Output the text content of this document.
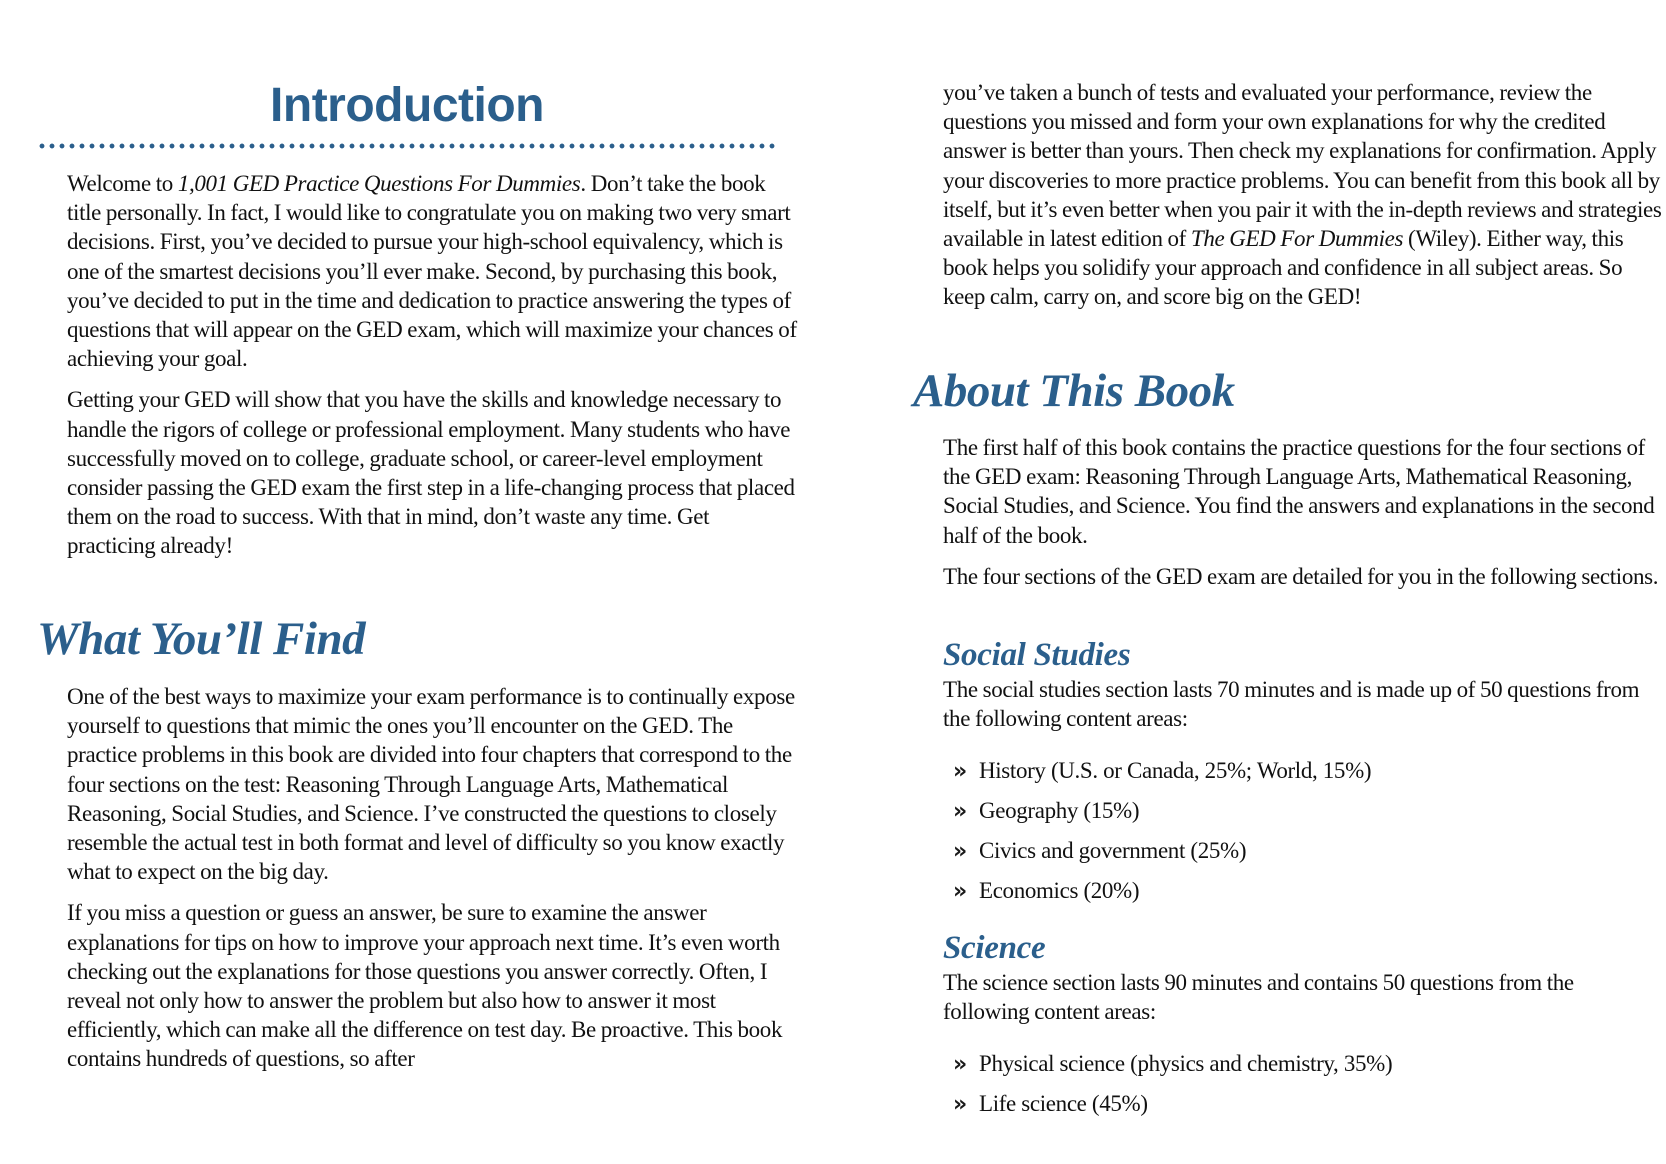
Introduction

Welcome to 1,001 GED Practice Questions For Dummies. Don’t take the book title personally. In fact, I would like to congratulate you on making two very smart decisions. First, you’ve decided to pursue your high-school equivalency, which is one of the smartest decisions you’ll ever make. Second, by purchasing this book, you’ve decided to put in the time and dedication to practice answering the types of questions that will appear on the GED exam, which will maximize your chances of achieving your goal.

Getting your GED will show that you have the skills and knowledge necessary to handle the rigors of college or professional employment. Many students who have successfully moved on to college, graduate school, or career-level employment consider passing the GED exam the first step in a life-changing process that placed them on the road to success. With that in mind, don’t waste any time. Get practicing already!

What You’ll Find

One of the best ways to maximize your exam performance is to continually expose yourself to questions that mimic the ones you’ll encounter on the GED. The practice problems in this book are divided into four chapters that correspond to the four sections on the test: Reasoning Through Language Arts, Mathematical Reasoning, Social Studies, and Science. I’ve constructed the questions to closely resemble the actual test in both format and level of difficulty so you know exactly what to expect on the big day.

If you miss a question or guess an answer, be sure to examine the answer explanations for tips on how to improve your approach next time. It’s even worth checking out the explanations for those questions you answer correctly. Often, I reveal not only how to answer the problem but also how to answer it most efficiently, which can make all the difference on test day. Be proactive. This book contains hundreds of questions, so after

you’ve taken a bunch of tests and evaluated your performance, review the questions you missed and form your own explanations for why the credited answer is better than yours. Then check my explanations for confirmation. Apply your discoveries to more practice problems. You can benefit from this book all by itself, but it’s even better when you pair it with the in-depth reviews and strategies available in latest edition of The GED For Dummies (Wiley). Either way, this book helps you solidify your approach and confidence in all subject areas. So keep calm, carry on, and score big on the GED!

About This Book

The first half of this book contains the practice questions for the four sections of the GED exam: Reasoning Through Language Arts, Mathematical Reasoning, Social Studies, and Science. You find the answers and explanations in the second half of the book.

The four sections of the GED exam are detailed for you in the following sections.

Social Studies

The social studies section lasts 70 minutes and is made up of 50 questions from the following content areas:

» History (U.S. or Canada, 25%; World, 15%)
» Geography (15%)
» Civics and government (25%)
» Economics (20%)
Science

The science section lasts 90 minutes and contains 50 questions from the following content areas:

» Physical science (physics and chemistry, 35%)
» Life science (45%)
